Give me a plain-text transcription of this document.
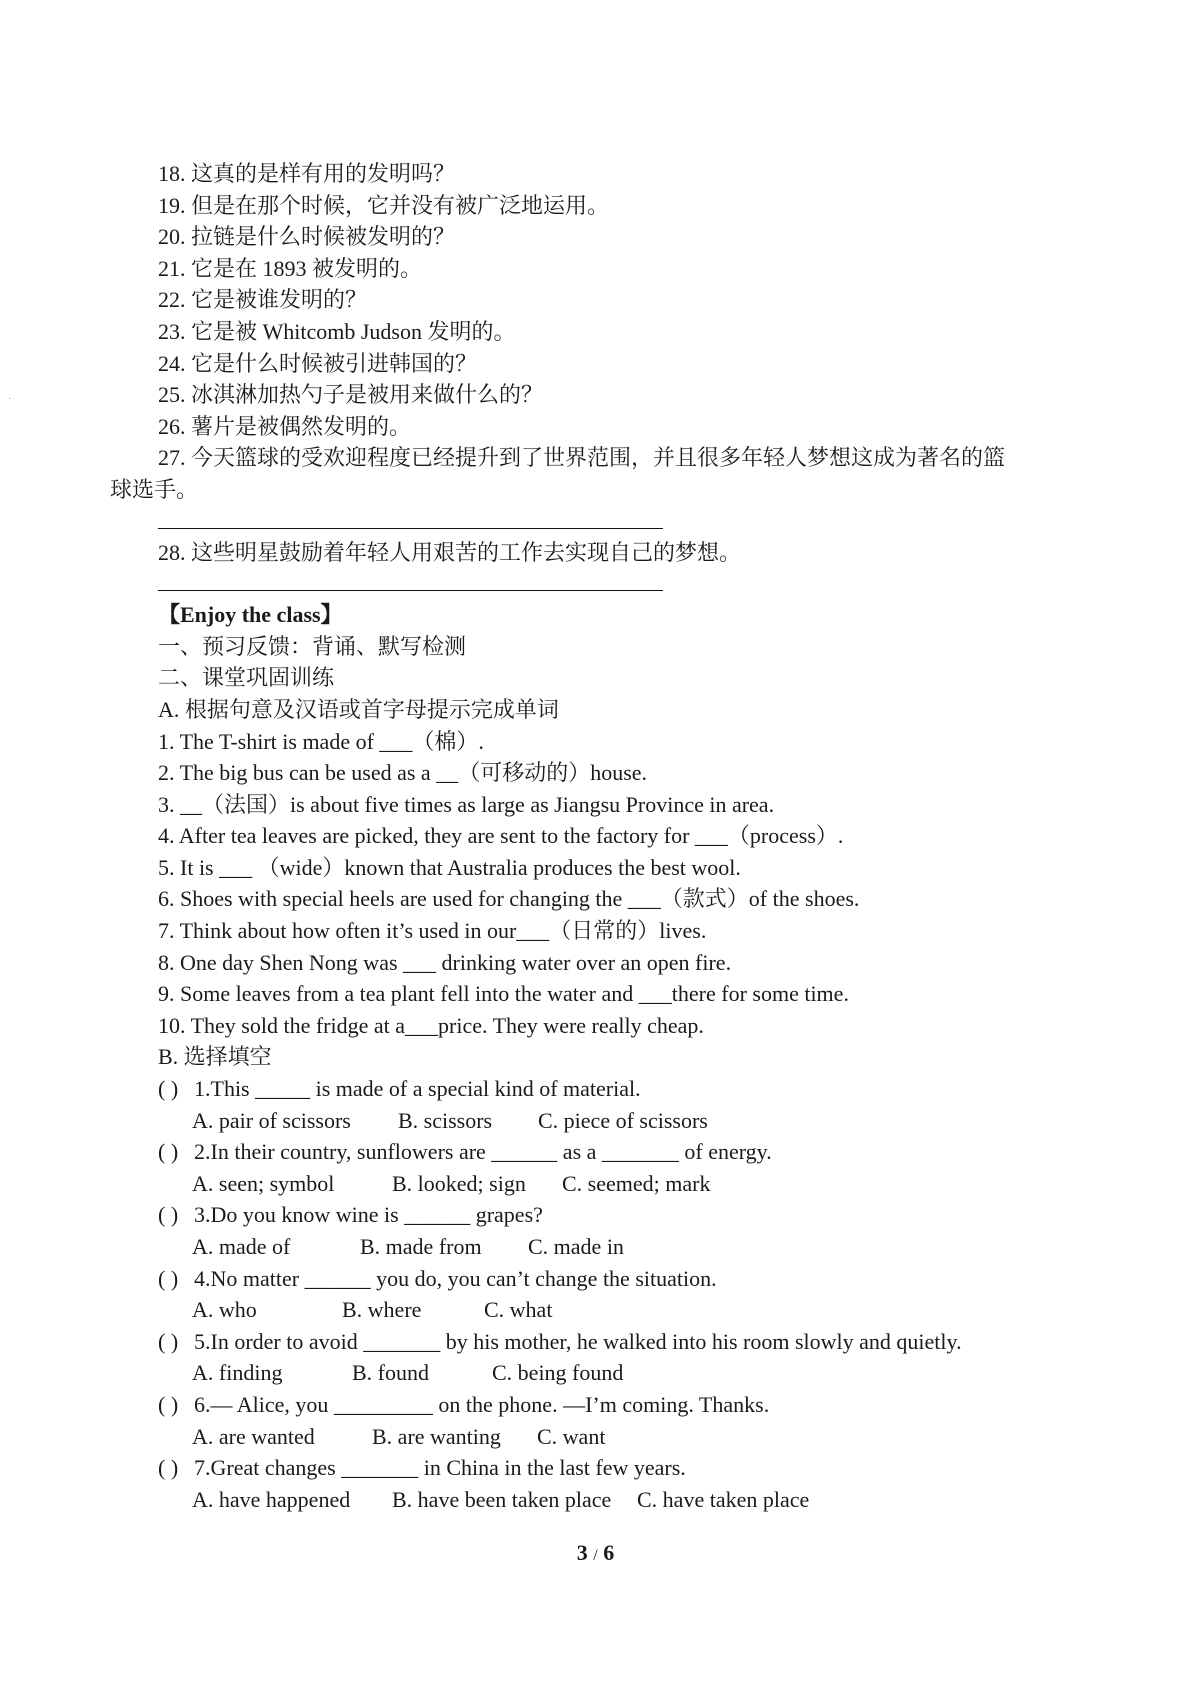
·
18. 这真的是样有用的发明吗？
19. 但是在那个时候，它并没有被广泛地运用。
20. 拉链是什么时候被发明的？
21. 它是在 1893 被发明的。
22. 它是被谁发明的？
23. 它是被 Whitcomb Judson 发明的。
24. 它是什么时候被引进韩国的？
25. 冰淇淋加热勺子是被用来做什么的？
26. 薯片是被偶然发明的。
27. 今天篮球的受欢迎程度已经提升到了世界范围，并且很多年轻人梦想这成为著名的篮
球选手。
28. 这些明星鼓励着年轻人用艰苦的工作去实现自己的梦想。
【Enjoy the class】
一、预习反馈：背诵、默写检测
二、课堂巩固训练
A. 根据句意及汉语或首字母提示完成单词
1. The T-shirt is made of ___（棉）.
2. The big bus can be used as a __（可移动的）house.
3. __（法国）is about five times as large as Jiangsu Province in area.
4. After tea leaves are picked, they are sent to the factory for ___（process）.
5. It is ___ （wide）known that Australia produces the best wool.
6. Shoes with special heels are used for changing the ___（款式）of the shoes.
7. Think about how often it’s used in our___（日常的）lives.
8. One day Shen Nong was ___ drinking water over an open fire.
9. Some leaves from a tea plant fell into the water and ___there for some time.
10. They sold the fridge at a___price. They were really cheap.
B. 选择填空
( ) 1.This _____ is made of a special kind of material.
A. pair of scissors B. scissors C. piece of scissors
( ) 2.In their country, sunflowers are ______ as a _______ of energy.
A. seen; symbol	B. looked; sign C. seemed; mark
( ) 3.Do you know wine is ______ grapes?
A. made of	B. made from C. made in
( ) 4.No matter ______ you do, you can’t change the situation.
A. who	B. where	C. what
( ) 5.In order to avoid _______ by his mother, he walked into his room slowly and quietly.
A. finding	B. found	C. being found
( ) 6.— Alice, you _________ on the phone. —I’m coming. Thanks.
A. are wanted	B. are wanting C. want
( ) 7.Great changes _______ in China in the last few years.
A. have happened B. have been taken place C. have taken place
3 / 6
